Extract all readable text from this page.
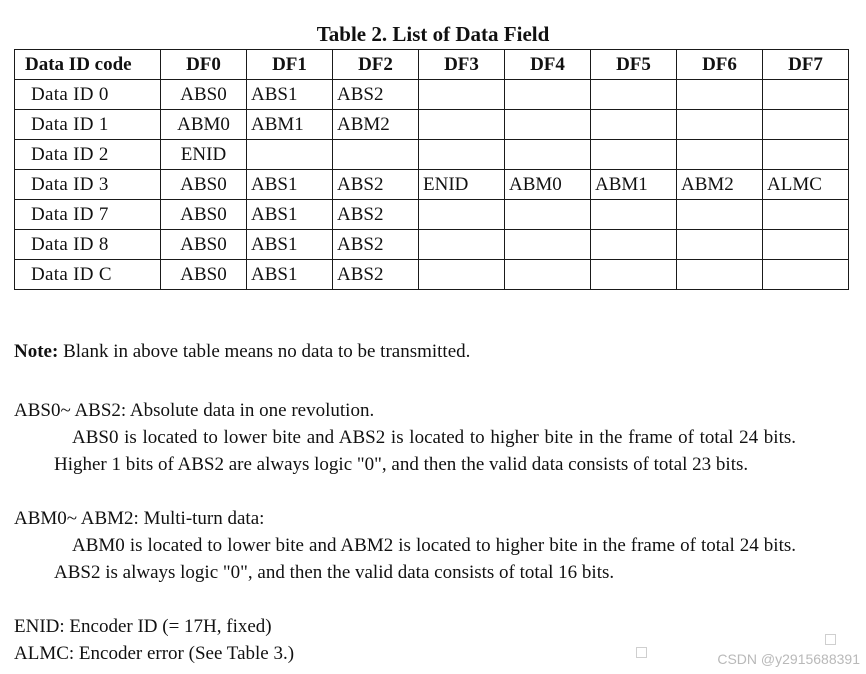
Table 2. List of Data Field
Data ID code	DF0	DF1	DF2	DF3	DF4	DF5	DF6	DF7
Data ID 0	ABS0	ABS1	ABS2					
Data ID 1	ABM0	ABM1	ABM2					
Data ID 2	ENID							
Data ID 3	ABS0	ABS1	ABS2	ENID	ABM0	ABM1	ABM2	ALMC
Data ID 7	ABS0	ABS1	ABS2					
Data ID 8	ABS0	ABS1	ABS2					
Data ID C	ABS0	ABS1	ABS2					
Note: Blank in above table means no data to be transmitted.

ABS0~ ABS2: Absolute data in one revolution.

ABS0 is located to lower bite and ABS2 is located to higher bite in the frame of total 24 bits. Higher 1 bits of ABS2 are always logic "0", and then the valid data consists of total 23 bits.

ABM0~ ABM2: Multi-turn data:

ABM0 is located to lower bite and ABM2 is located to higher bite in the frame of total 24 bits. ABS2 is always logic "0", and then the valid data consists of total 16 bits.

ENID: Encoder ID (= 17H, fixed)
ALMC: Encoder error (See Table 3.)	CSDN @y2915688391
